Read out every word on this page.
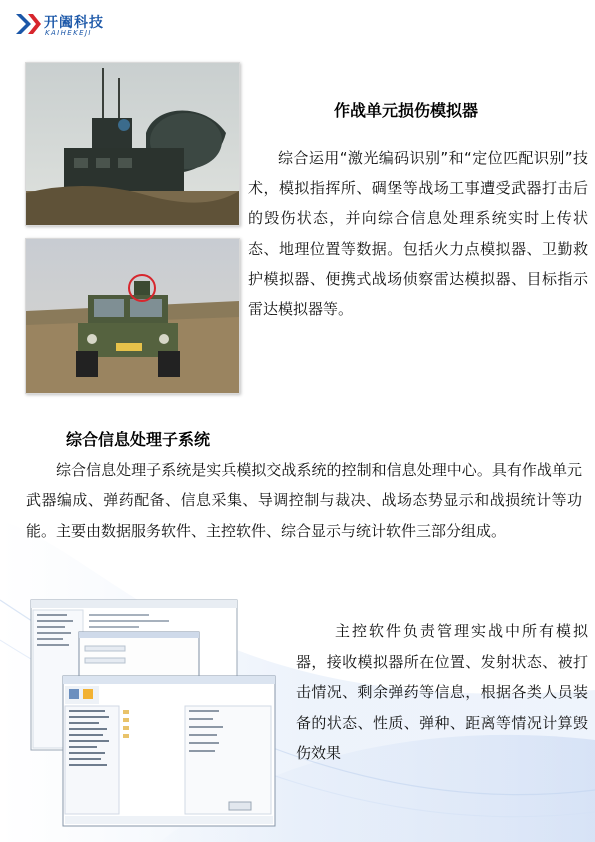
开阖科技
KAIHEKEJI
作战单元损伤模拟器

综合运用“激光编码识别”和“定位匹配识别”技术，模拟指挥所、碉堡等战场工事遭受武器打击后的毁伤状态，并向综合信息处理系统实时上传状态、地理位置等数据。包括火力点模拟器、卫勤救护模拟器、便携式战场侦察雷达模拟器、目标指示雷达模拟器等。

综合信息处理子系统

综合信息处理子系统是实兵模拟交战系统的控制和信息处理中心。具有作战单元武器编成、弹药配备、信息采集、导调控制与裁决、战场态势显示和战损统计等功能。主要由数据服务软件、主控软件、综合显示与统计软件三部分组成。

主控软件负责管理实战中所有模拟器，接收模拟器所在位置、发射状态、被打击情况、剩余弹药等信息，根据各类人员装备的状态、性质、弹种、距离等情况计算毁伤效果
